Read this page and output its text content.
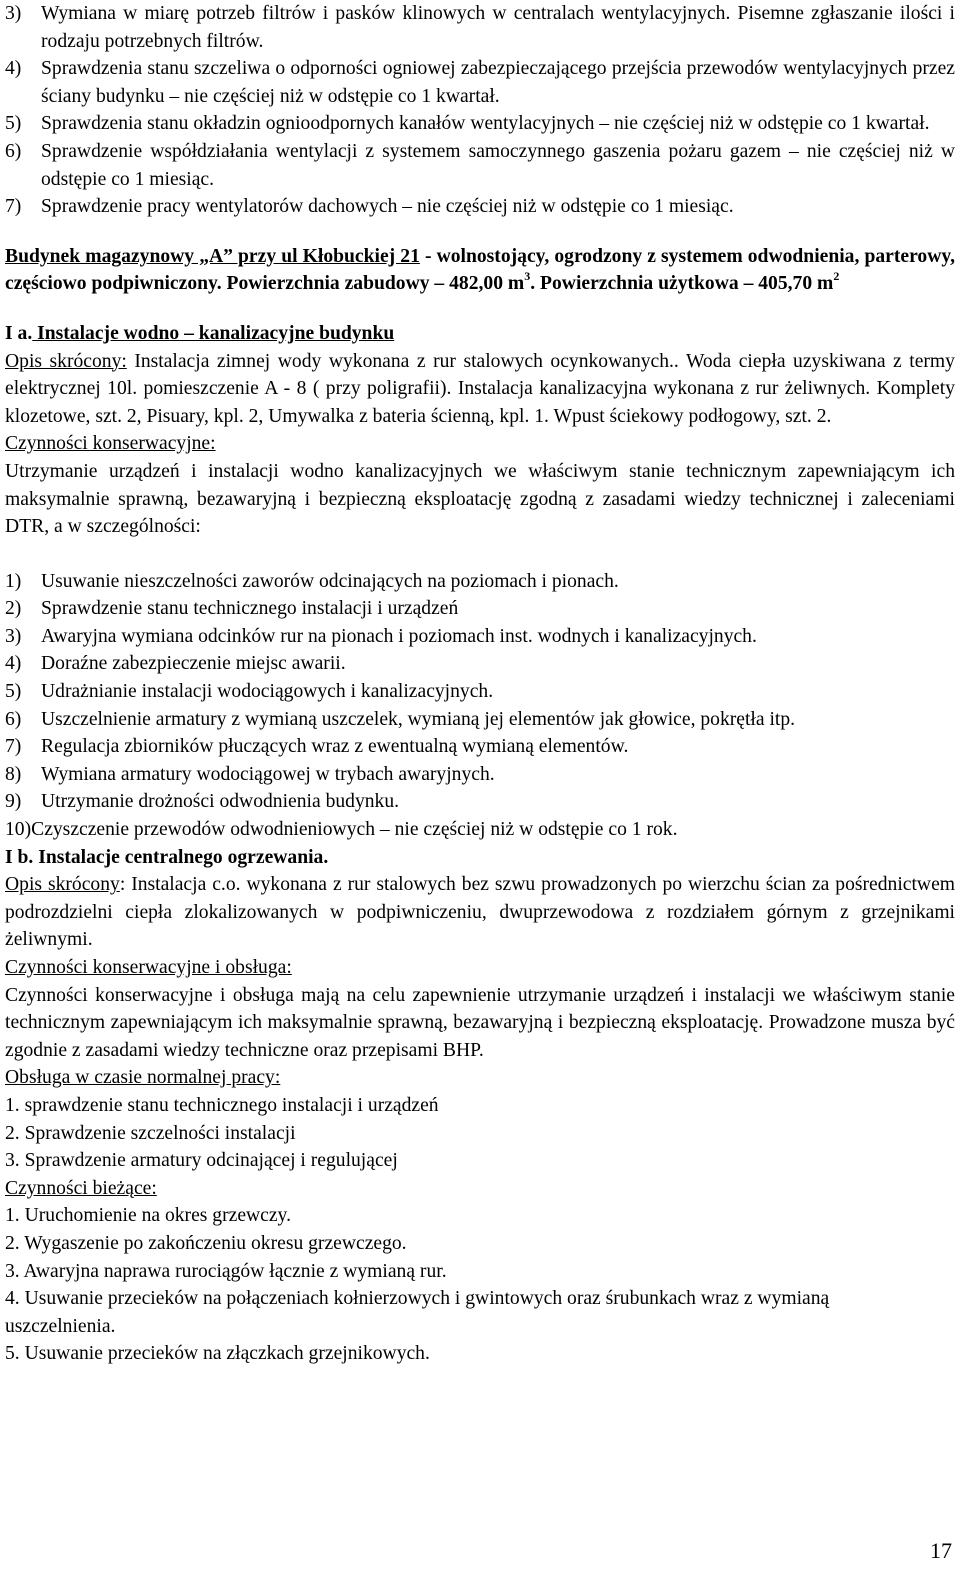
3)	Wymiana w miarę potrzeb filtrów i pasków klinowych w centralach wentylacyjnych. Pisemne zgłaszanie ilości i rodzaju potrzebnych filtrów.
4)	Sprawdzenia stanu szczeliwa o odporności ogniowej zabezpieczającego przejścia przewodów wentylacyjnych przez ściany budynku – nie częściej niż w odstępie co 1 kwartał.
5)	Sprawdzenia stanu okładzin ognioodpornych kanałów wentylacyjnych – nie częściej niż w odstępie co 1 kwartał.
6)	Sprawdzenie współdziałania wentylacji z systemem samoczynnego gaszenia pożaru gazem – nie częściej niż w odstępie co 1 miesiąc.
7)	Sprawdzenie pracy wentylatorów dachowych – nie częściej niż w odstępie co 1 miesiąc.

Budynek magazynowy „A” przy ul Kłobuckiej 21 - wolnostojący, ogrodzony z systemem odwodnienia, parterowy, częściowo podpiwniczony. Powierzchnia zabudowy – 482,00 $m^3$. Powierzchnia użytkowa – 405,70 $m^2$

I a. Instalacje wodno – kanalizacyjne budynku

Opis skrócony: Instalacja zimnej wody wykonana z rur stalowych ocynkowanych.. Woda ciepła uzyskiwana z termy elektrycznej 10l. pomieszczenie A - 8 ( przy poligrafii). Instalacja kanalizacyjna wykonana z rur żeliwnych. Komplety klozetowe, szt. 2, Pisuary, kpl. 2, Umywalka z bateria ścienną, kpl. 1. Wpust ściekowy podłogowy, szt. 2.

Czynności konserwacyjne:

Utrzymanie urządzeń i instalacji wodno kanalizacyjnych we właściwym stanie technicznym zapewniającym ich maksymalnie sprawną, bezawaryjną i bezpieczną eksploatację zgodną z zasadami wiedzy technicznej i zaleceniami DTR, a w szczególności:

1)	Usuwanie nieszczelności zaworów odcinających na poziomach i pionach.
2)	Sprawdzenie stanu technicznego instalacji i urządzeń
3)	Awaryjna wymiana odcinków rur na pionach i poziomach inst. wodnych i kanalizacyjnych.
4)	Doraźne zabezpieczenie miejsc awarii.
5)	Udrażnianie instalacji wodociągowych i kanalizacyjnych.
6)	Uszczelnienie armatury z wymianą uszczelek, wymianą jej elementów jak głowice, pokrętła itp.
7)	Regulacja zbiorników płuczących wraz z ewentualną wymianą elementów.
8)	Wymiana armatury wodociągowej w trybach awaryjnych.
9)	Utrzymanie drożności odwodnienia budynku.
10) Czyszczenie przewodów odwodnieniowych – nie częściej niż w odstępie co 1 rok.

I b. Instalacje centralnego ogrzewania.

Opis skrócony: Instalacja c.o. wykonana z rur stalowych bez szwu prowadzonych po wierzchu ścian za pośrednictwem podrozdzielni ciepła zlokalizowanych w podpiwniczeniu, dwuprzewodowa z rozdziałem górnym z grzejnikami żeliwnymi.

Czynności konserwacyjne i obsługa:

Czynności konserwacyjne i obsługa mają na celu zapewnienie utrzymanie urządzeń i instalacji we właściwym stanie technicznym zapewniającym ich maksymalnie sprawną, bezawaryjną i bezpieczną eksploatację. Prowadzone musza być zgodnie z zasadami wiedzy techniczne oraz przepisami BHP.

Obsługa w czasie normalnej pracy:

1. sprawdzenie stanu technicznego instalacji i urządzeń

2. Sprawdzenie szczelności instalacji

3. Sprawdzenie armatury odcinającej i regulującej

Czynności bieżące:

1. Uruchomienie na okres grzewczy.

2. Wygaszenie po zakończeniu okresu grzewczego.

3. Awaryjna naprawa rurociągów łącznie z wymianą rur.

4. Usuwanie przecieków na połączeniach kołnierzowych i gwintowych oraz śrubunkach wraz z wymianą uszczelnienia.

5. Usuwanie przecieków na złączkach grzejnikowych.

17
